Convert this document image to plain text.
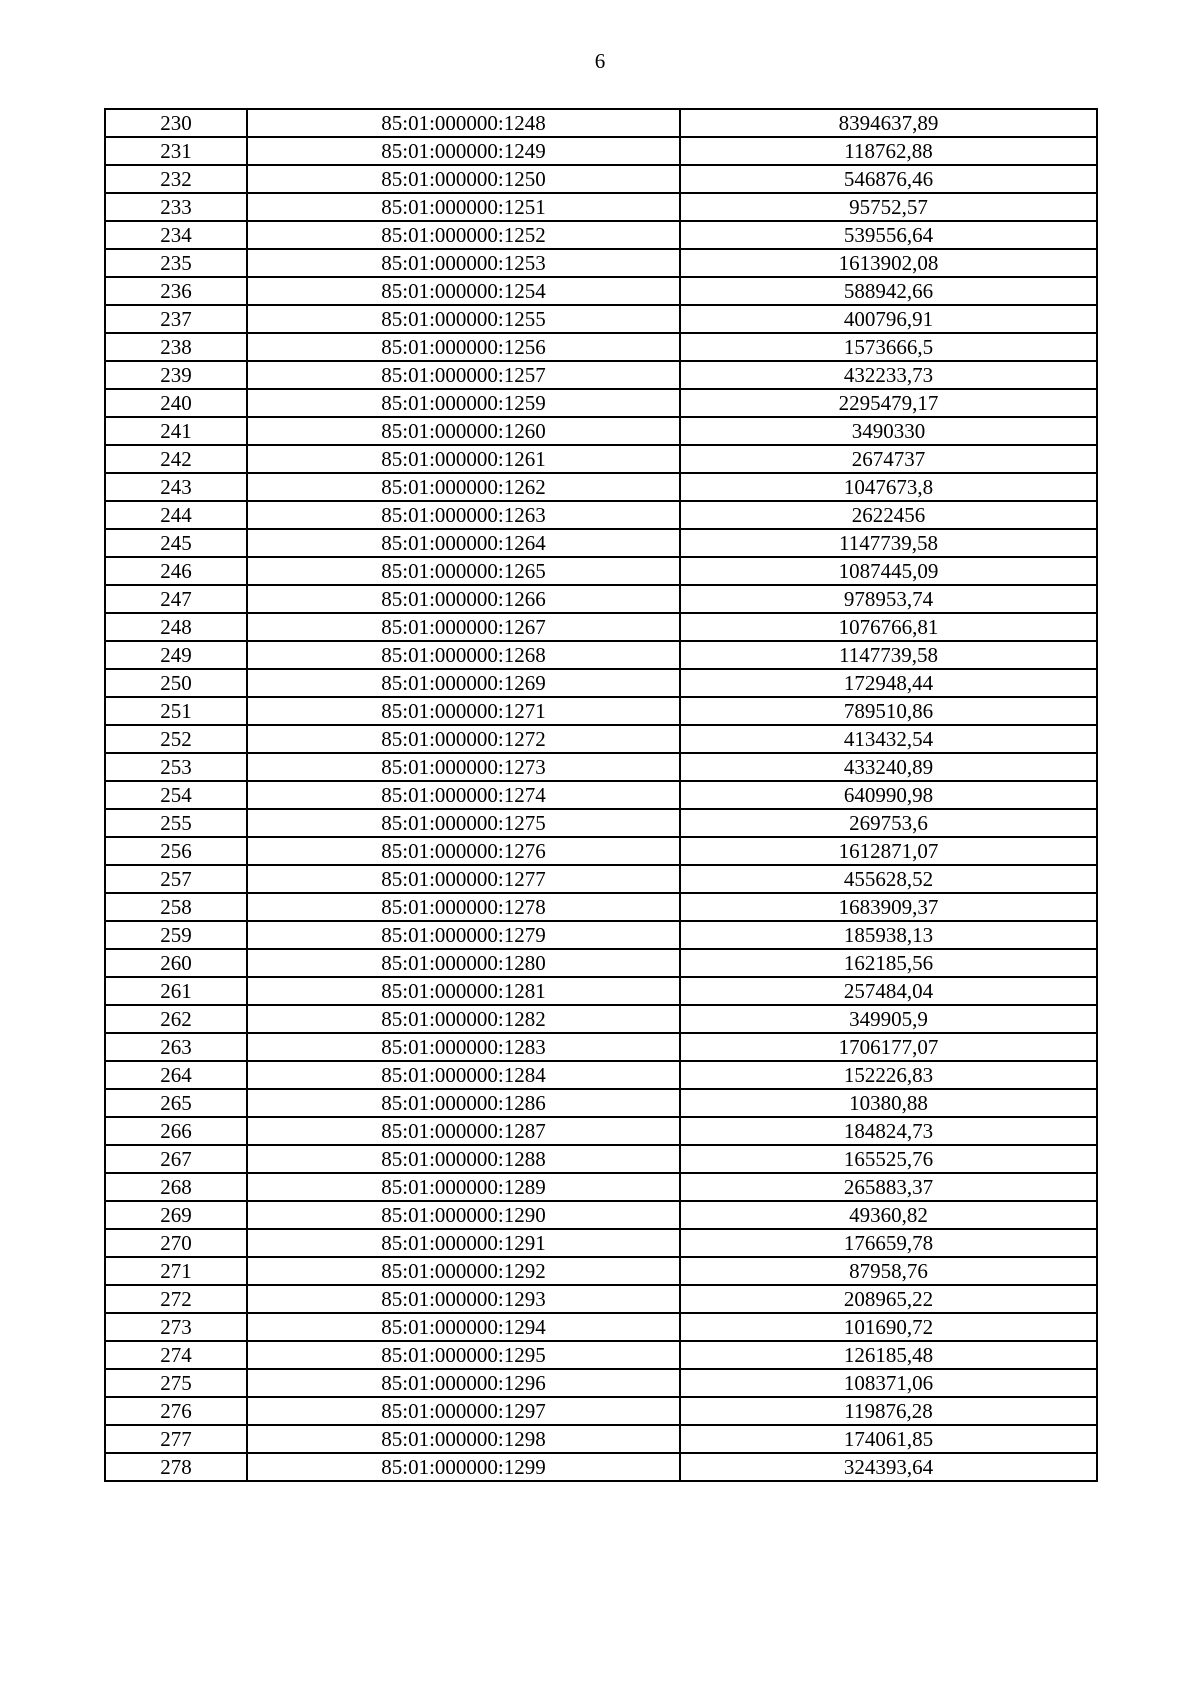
6
230	85:01:000000:1248	8394637,89
231	85:01:000000:1249	118762,88
232	85:01:000000:1250	546876,46
233	85:01:000000:1251	95752,57
234	85:01:000000:1252	539556,64
235	85:01:000000:1253	1613902,08
236	85:01:000000:1254	588942,66
237	85:01:000000:1255	400796,91
238	85:01:000000:1256	1573666,5
239	85:01:000000:1257	432233,73
240	85:01:000000:1259	2295479,17
241	85:01:000000:1260	3490330
242	85:01:000000:1261	2674737
243	85:01:000000:1262	1047673,8
244	85:01:000000:1263	2622456
245	85:01:000000:1264	1147739,58
246	85:01:000000:1265	1087445,09
247	85:01:000000:1266	978953,74
248	85:01:000000:1267	1076766,81
249	85:01:000000:1268	1147739,58
250	85:01:000000:1269	172948,44
251	85:01:000000:1271	789510,86
252	85:01:000000:1272	413432,54
253	85:01:000000:1273	433240,89
254	85:01:000000:1274	640990,98
255	85:01:000000:1275	269753,6
256	85:01:000000:1276	1612871,07
257	85:01:000000:1277	455628,52
258	85:01:000000:1278	1683909,37
259	85:01:000000:1279	185938,13
260	85:01:000000:1280	162185,56
261	85:01:000000:1281	257484,04
262	85:01:000000:1282	349905,9
263	85:01:000000:1283	1706177,07
264	85:01:000000:1284	152226,83
265	85:01:000000:1286	10380,88
266	85:01:000000:1287	184824,73
267	85:01:000000:1288	165525,76
268	85:01:000000:1289	265883,37
269	85:01:000000:1290	49360,82
270	85:01:000000:1291	176659,78
271	85:01:000000:1292	87958,76
272	85:01:000000:1293	208965,22
273	85:01:000000:1294	101690,72
274	85:01:000000:1295	126185,48
275	85:01:000000:1296	108371,06
276	85:01:000000:1297	119876,28
277	85:01:000000:1298	174061,85
278	85:01:000000:1299	324393,64
